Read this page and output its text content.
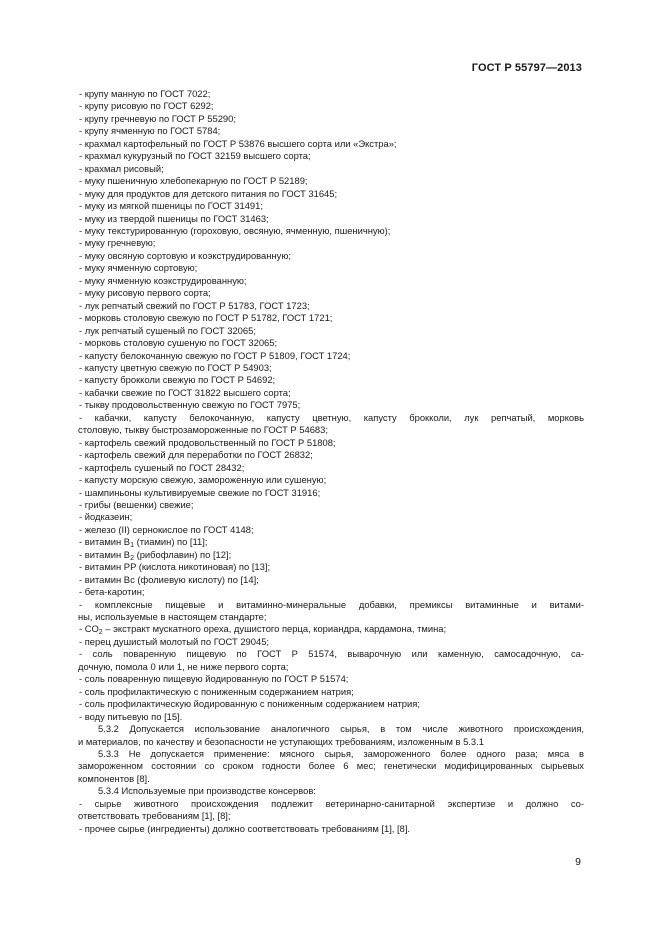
ГОСТ Р 55797—2013

- крупу манную по ГОСТ 7022;

- крупу рисовую по ГОСТ 6292;

- крупу гречневую по ГОСТ Р 55290;

- крупу ячменную по ГОСТ 5784;

- крахмал картофельный по ГОСТ Р 53876 высшего сорта или «Экстра»;

- крахмал кукурузный по ГОСТ 32159 высшего сорта;

- крахмал рисовый;

- муку пшеничную хлебопекарную по ГОСТ Р 52189;

- муку для продуктов для детского питания по ГОСТ 31645;

- муку из мягкой пшеницы по ГОСТ 31491;

- муку из твердой пшеницы по ГОСТ 31463;

- муку текстурированную (гороховую, овсяную, ячменную, пшеничную);

- муку гречневую;

- муку овсяную сортовую и коэкструдированную;

- муку ячменную сортовую;

- муку ячменную коэкструдированную;

- муку рисовую первого сорта;

- лук репчатый свежий по ГОСТ Р 51783, ГОСТ 1723;

- морковь столовую свежую по ГОСТ Р 51782, ГОСТ 1721;

- лук репчатый сушеный по ГОСТ 32065;

- морковь столовую сушеную по ГОСТ 32065;

- капусту белокочанную свежую по ГОСТ Р 51809, ГОСТ 1724;

- капусту цветную свежую по ГОСТ Р 54903;

- капусту брокколи свежую по ГОСТ Р 54692;

- кабачки свежие по ГОСТ 31822 высшего сорта;

- тыкву продовольственную свежую по ГОСТ 7975;

- кабачки, капусту белокочанную, капусту цветную, капусту брокколи, лук репчатый, морковь

столовую, тыкву быстрозамороженные по ГОСТ Р 54683;

- картофель свежий продовольственный по ГОСТ Р 51808;

- картофель свежий для переработки по ГОСТ 26832;

- картофель сушеный по ГОСТ 28432;

- капусту морскую свежую, замороженную или сушеную;

- шампиньоны культивируемые свежие по ГОСТ 31916;

- грибы (вешенки) свежие;

- йодказеин;

- железо (II) сернокислое по ГОСТ 4148;

- витамин $B_1$ (тиамин) по [11];

- витамин $B_2$ (рибофлавин) по [12];

- витамин PP (кислота никотиновая) по [13];

- витамин Bc (фолиевую кислоту) по [14];

- бета-каротин;

- комплексные пищевые и витаминно-минеральные добавки, премиксы витаминные и витами-

ны, используемые в настоящем стандарте;

- $CO_2$ – экстракт мускатного ореха, душистого перца, кориандра, кардамона, тмина;

- перец душистый молотый по ГОСТ 29045;

- соль поваренную пищевую по ГОСТ Р 51574, выварочную или каменную, самосадочную, са-

дочную, помола 0 или 1, не ниже первого сорта;

- соль поваренную пищевую йодированную по ГОСТ Р 51574;

- соль профилактическую с пониженным содержанием натрия;

- соль профилактическую йодированную с пониженным содержанием натрия;

- воду питьевую по [15].

5.3.2 Допускается использование аналогичного сырья, в том числе животного происхождения,

и материалов, по качеству и безопасности не уступающих требованиям, изложенным в 5.3.1

5.3.3 Не допускается применение: мясного сырья, замороженного более одного раза; мяса в

замороженном состоянии со сроком годности более 6 мес; генетически модифицированных сырьевых

компонентов [8].

5.3.4 Используемые при производстве консервов:

- сырье животного происхождения подлежит ветеринарно-санитарной экспертизе и должно со-

ответствовать требованиям [1], [8];

- прочее сырье (ингредиенты) должно соответствовать требованиям [1], [8].

9
